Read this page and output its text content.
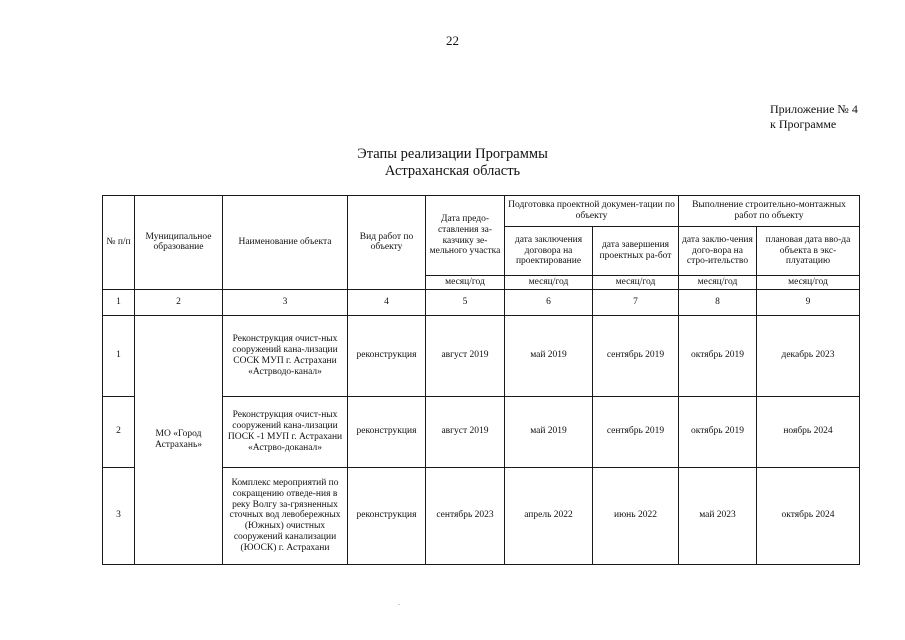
22
Приложение № 4
к Программе
Этапы реализации Программы
Астраханская область
№ п/п	Муниципальное образование	Наименование объекта	Вид работ по объекту	Дата предо-ставления за-казчику зе-мельного участка	Подготовка проектной докумен-тации по объекту		Выполнение строительно-монтажных работ по объекту	
					дата заключения договора на проектирование	дата завершения проектных ра-бот	дата заклю-чения дого-вора на стро-ительство	плановая дата вво-да объекта в экс-плуатацию
				месяц/год	месяц/год	месяц/год	месяц/год	месяц/год
1	2	3	4	5	6	7	8	9
1	МО «Город Астрахань»	Реконструкция очист-ных сооружений кана-лизации СОСК МУП г. Астрахани «Астрводо-канал»	реконструкция	август 2019	май 2019	сентябрь 2019	октябрь 2019	декабрь 2023
2		Реконструкция очист-ных сооружений кана-лизации ПОСК -1 МУП г. Астрахани «Астрво-доканал»	реконструкция	август 2019	май 2019	сентябрь 2019	октябрь 2019	ноябрь 2024
3		Комплекс мероприятий по сокращению отведе-ния в реку Волгу за-грязненных сточных вод левобережных (Южных) очистных сооружений канализации (ЮОСК) г. Астрахани	реконструкция	сентябрь 2023	апрель 2022	июнь 2022	май 2023	октябрь 2024
.
